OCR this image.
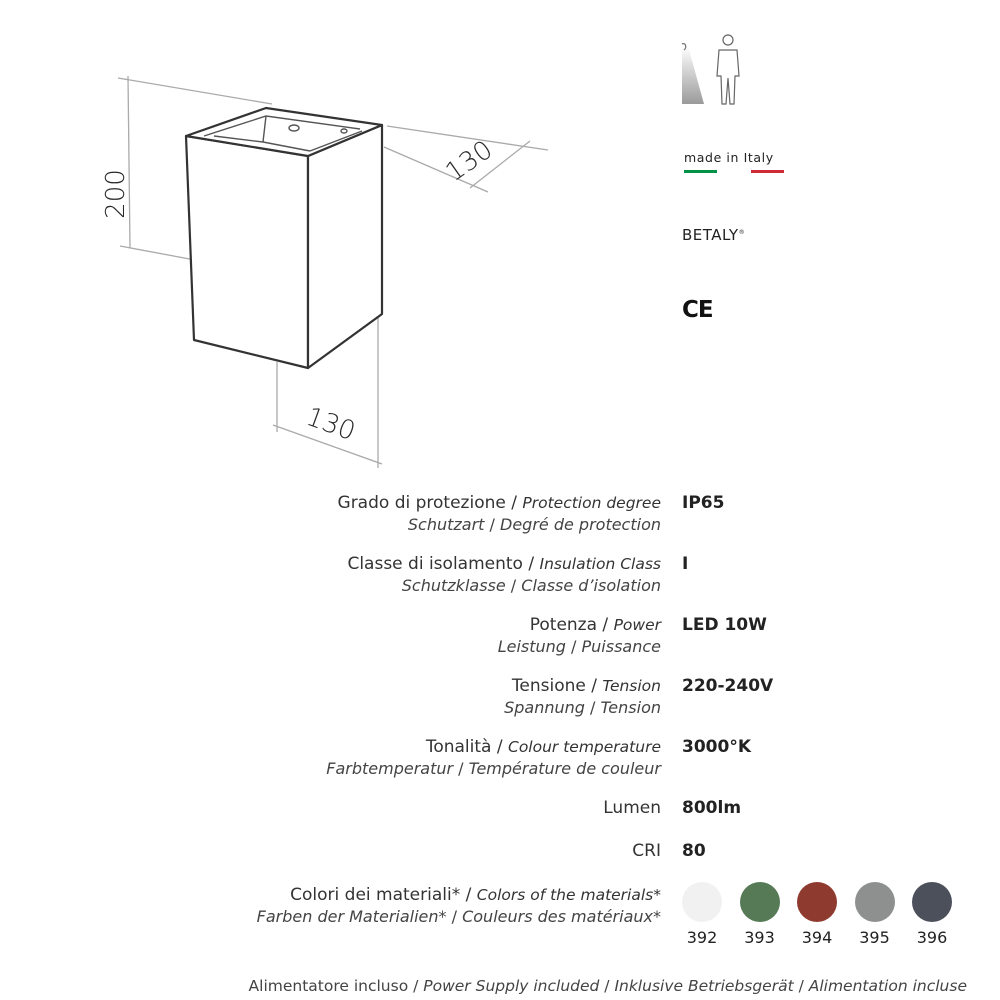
200
130
130
made in Italy
BETALY®
CE
Grado di protezione / Protection degree
Schutzart / Degré de protection
IP65
Classe di isolamento / Insulation Class
Schutzklasse / Classe d’isolation
I
Potenza / Power
Leistung / Puissance
LED 10W
Tensione / Tension
Spannung / Tension
220-240V
Tonalità / Colour temperature
Farbtemperatur / Température de couleur
3000°K
Lumen 800lm
CRI 80
Colori dei materiali* / Colors of the materials*
Farben der Materialien* / Couleurs des matériaux*
392	393	394	395	396
Alimentatore incluso / Power Supply included / Inklusive Betriebsgerät / Alimentation incluse
